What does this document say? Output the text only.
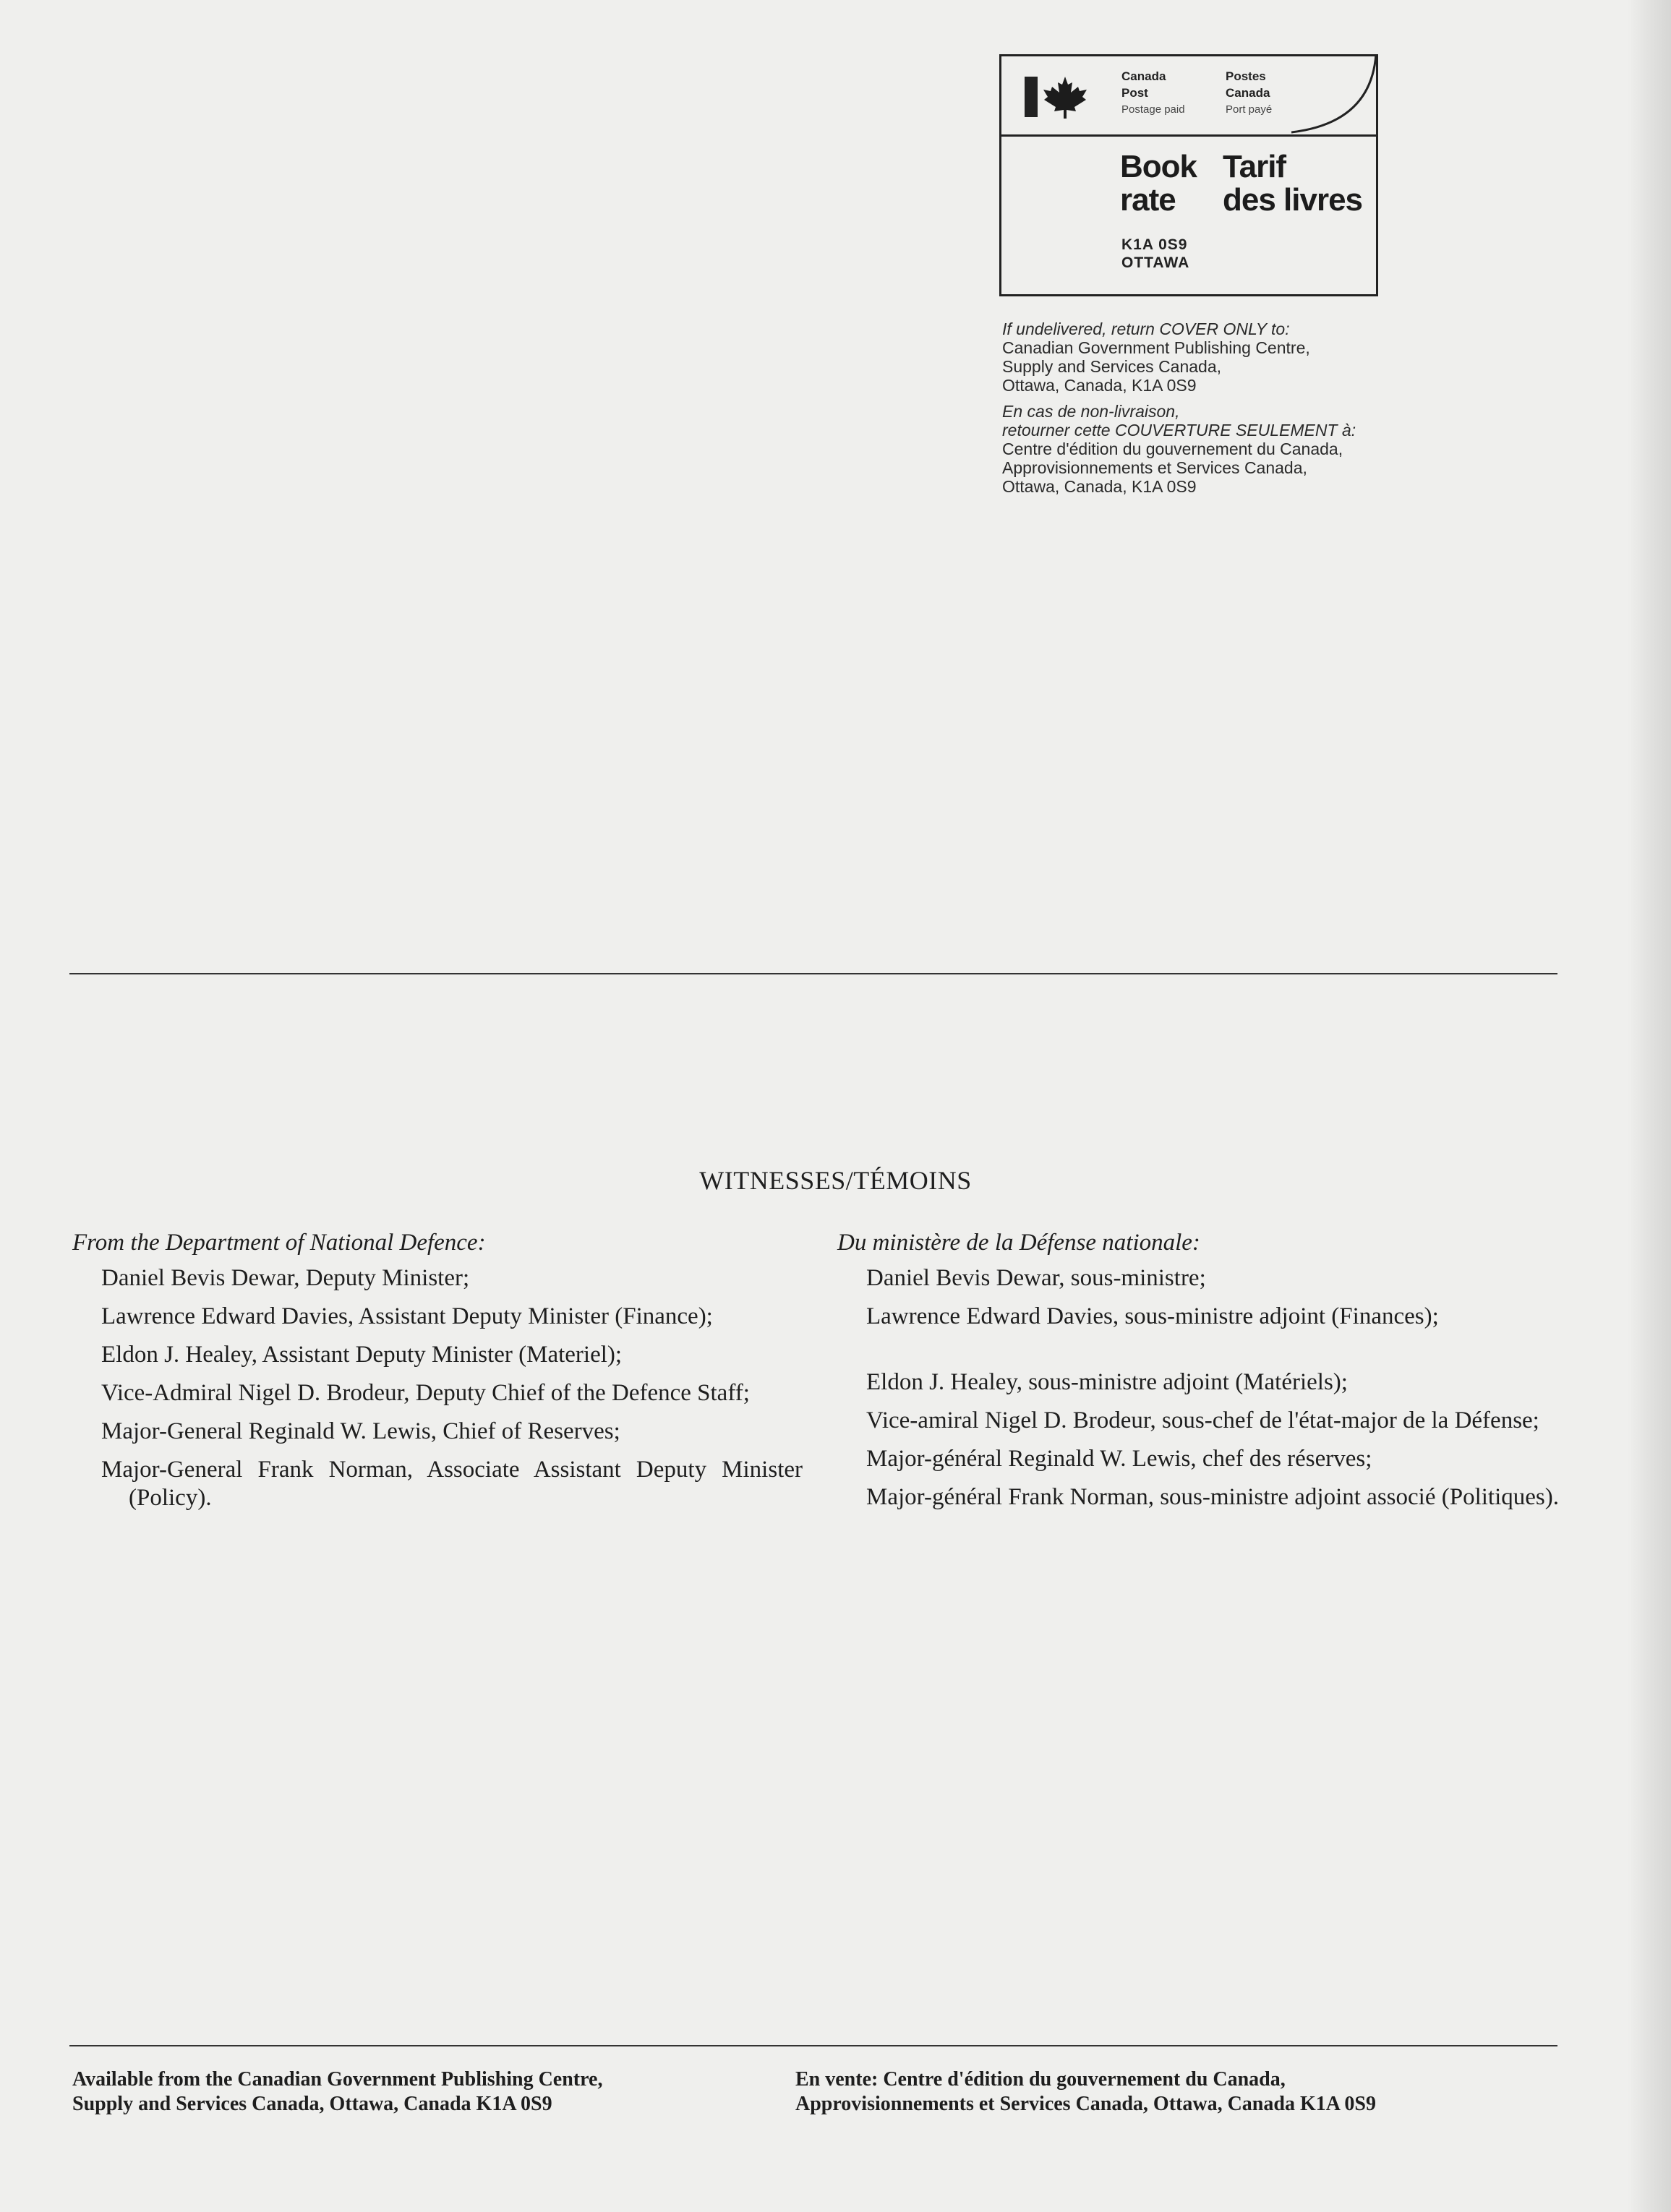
Canada
Post
Postage paid
Postes
Canada
Port payé
Book
rate
Tarif
des livres
K1A 0S9
OTTAWA
If undelivered, return COVER ONLY to:
Canadian Government Publishing Centre,
Supply and Services Canada,
Ottawa, Canada, K1A 0S9
En cas de non-livraison,
retourner cette COUVERTURE SEULEMENT à:
Centre d'édition du gouvernement du Canada,
Approvisionnements et Services Canada,
Ottawa, Canada, K1A 0S9
WITNESSES/TÉMOINS
From the Department of National Defence:
Daniel Bevis Dewar, Deputy Minister;
Lawrence Edward Davies, Assistant Deputy Minister (Finance);
Eldon J. Healey, Assistant Deputy Minister (Materiel);
Vice-Admiral Nigel D. Brodeur, Deputy Chief of the Defence Staff;
Major-General Reginald W. Lewis, Chief of Reserves;
Major-General Frank Norman, Associate Assistant Deputy Minister (Policy).
Du ministère de la Défense nationale:
Daniel Bevis Dewar, sous-ministre;
Lawrence Edward Davies, sous-ministre adjoint (Finances);
Eldon J. Healey, sous-ministre adjoint (Matériels);
Vice-amiral Nigel D. Brodeur, sous-chef de l'état-major de la Défense;
Major-général Reginald W. Lewis, chef des réserves;
Major-général Frank Norman, sous-ministre adjoint associé (Politiques).
Available from the Canadian Government Publishing Centre,
Supply and Services Canada, Ottawa, Canada K1A 0S9
En vente: Centre d'édition du gouvernement du Canada,
Approvisionnements et Services Canada, Ottawa, Canada K1A 0S9
